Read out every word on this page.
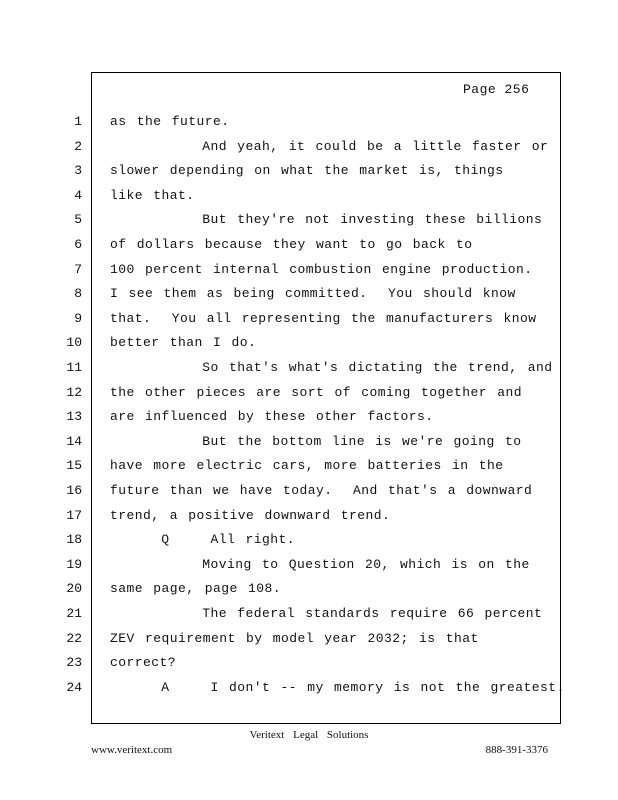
Page 256
1 as the future.
2 And yeah, it could be a little faster or
3 slower depending on what the market is, things
4 like that.
5 But they're not investing these billions
6 of dollars because they want to go back to
7 100 percent internal combustion engine production.
8 I see them as being committed.  You should know
9 that.  You all representing the manufacturers know
10 better than I do.
11 So that's what's dictating the trend, and
12 the other pieces are sort of coming together and
13 are influenced by these other factors.
14 But the bottom line is we're going to
15 have more electric cars, more batteries in the
16 future than we have today.  And that's a downward
17 trend, a positive downward trend.
18 Q    All right.
19 Moving to Question 20, which is on the
20 same page, page 108.
21 The federal standards require 66 percent
22 ZEV requirement by model year 2032; is that
23 correct?
24 A    I don't -- my memory is not the greatest.
Veritext Legal Solutions
www.veritext.com	888-391-3376
